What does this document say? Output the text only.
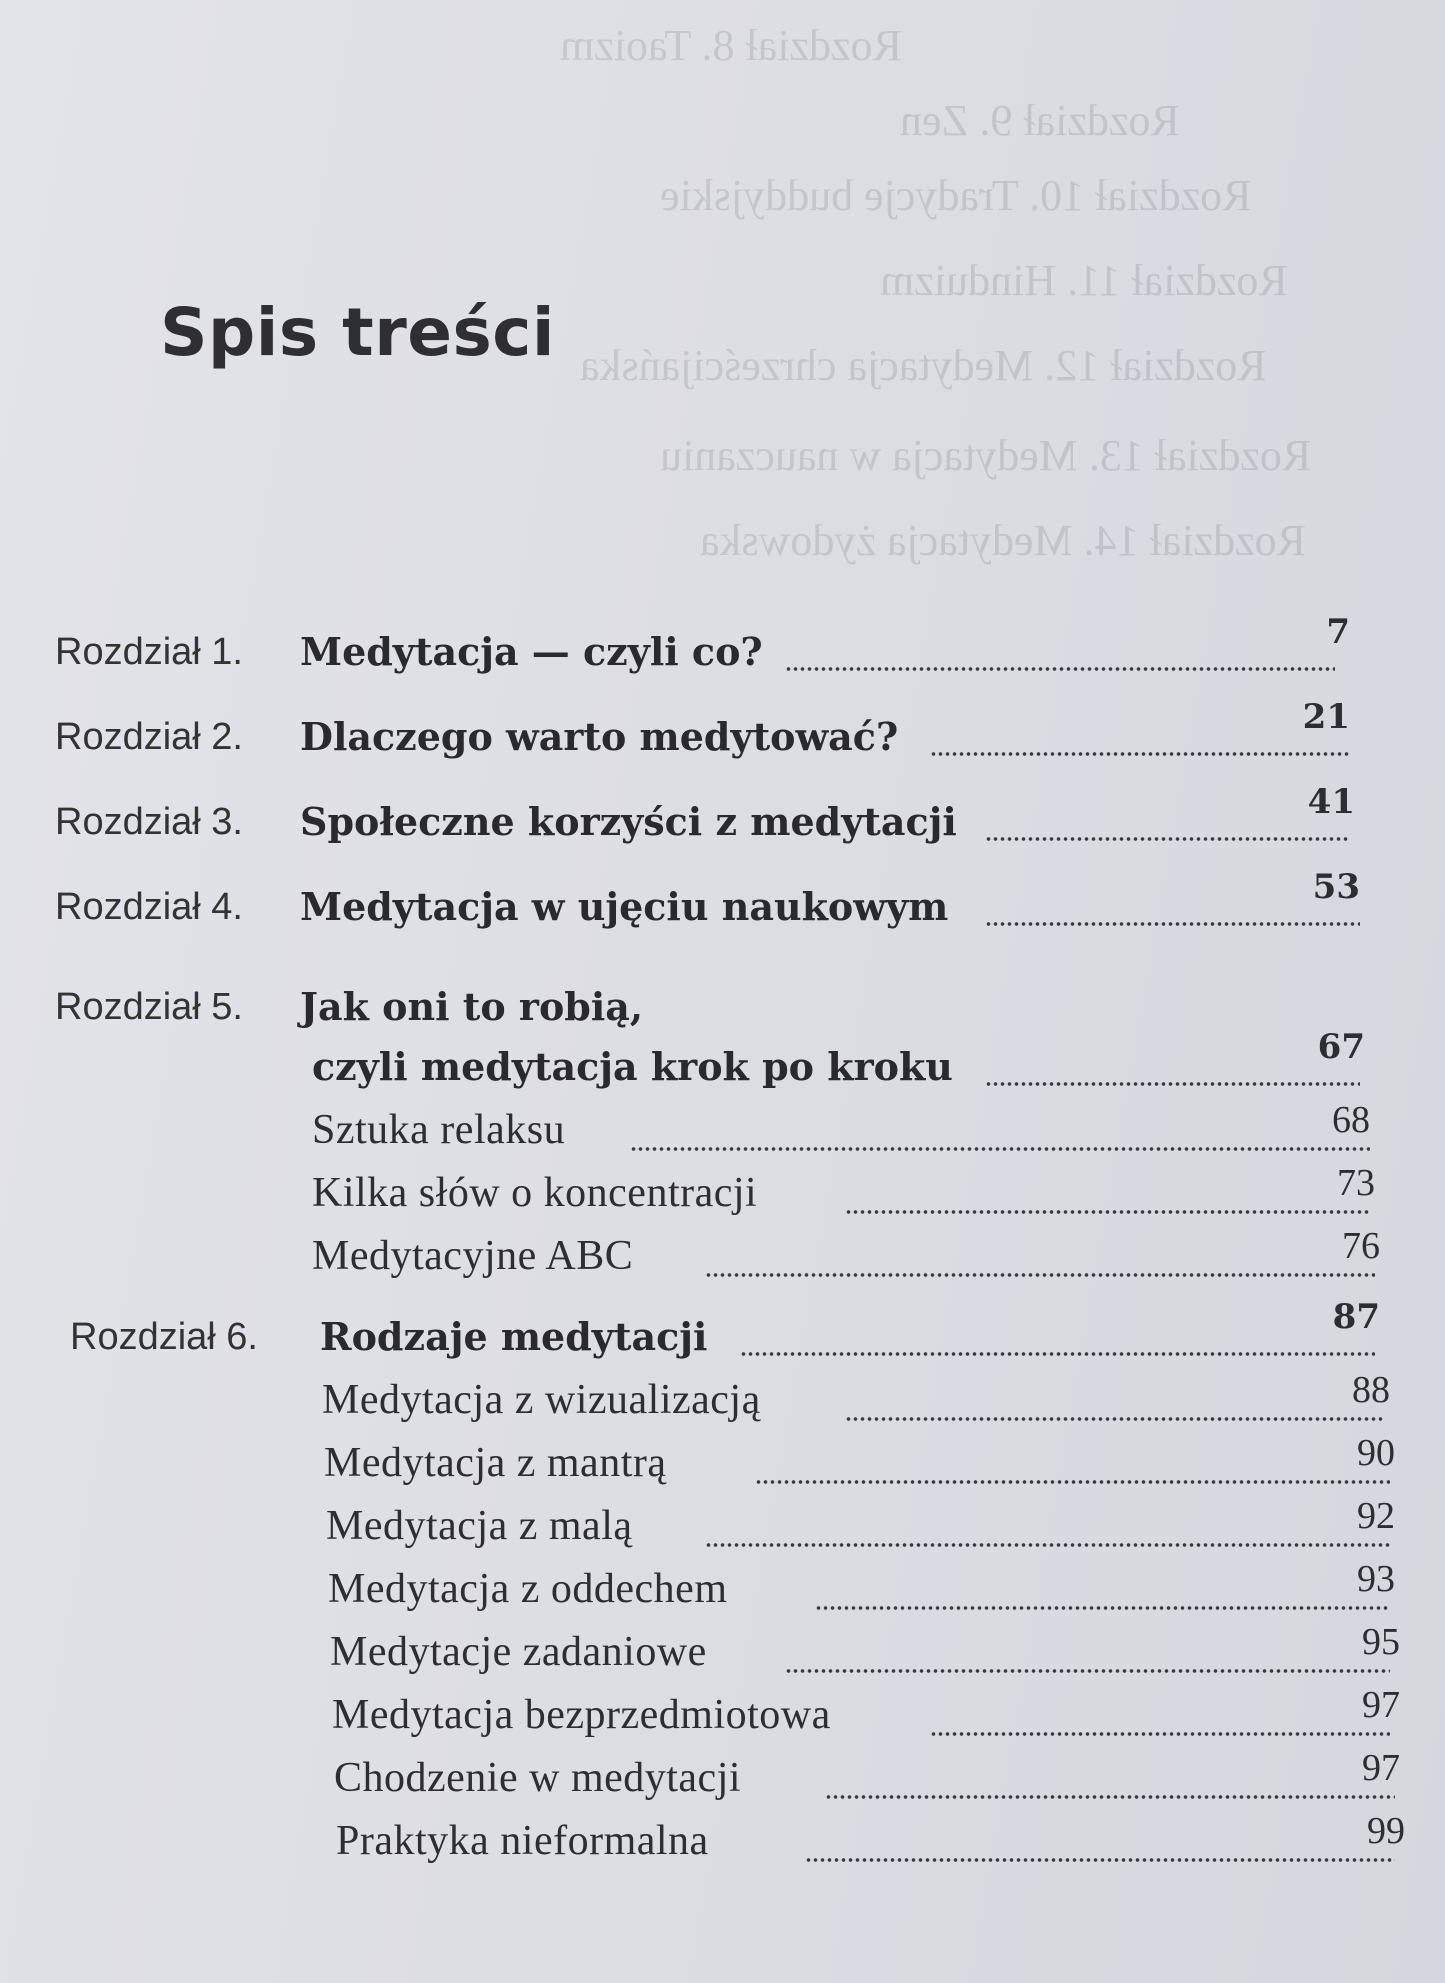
Rozdział 8. Taoizm
Rozdział 9. Zen
Rozdział 10. Tradycje buddyjskie
Rozdział 11. Hinduizm
Rozdział 12. Medytacja chrześcijańska
Rozdział 13. Medytacja w nauczaniu
Rozdział 14. Medytacja żydowska
Spis treści
Rozdział 1. Medytacja — czyli co?	7
Rozdział 2. Dlaczego warto medytować?	21
Rozdział 3. Społeczne korzyści z medytacji	41
Rozdział 4. Medytacja w ujęciu naukowym	53
Rozdział 5. Jak oni to robią,
czyli medytacja krok po kroku	67
Sztuka relaksu	68
Kilka słów o koncentracji	73
Medytacyjne ABC	76
Rozdział 6. Rodzaje medytacji	87
Medytacja z wizualizacją	88
Medytacja z mantrą	90
Medytacja z malą	92
Medytacja z oddechem	93
Medytacje zadaniowe	95
Medytacja bezprzedmiotowa	97
Chodzenie w medytacji	97
Praktyka nieformalna	99
